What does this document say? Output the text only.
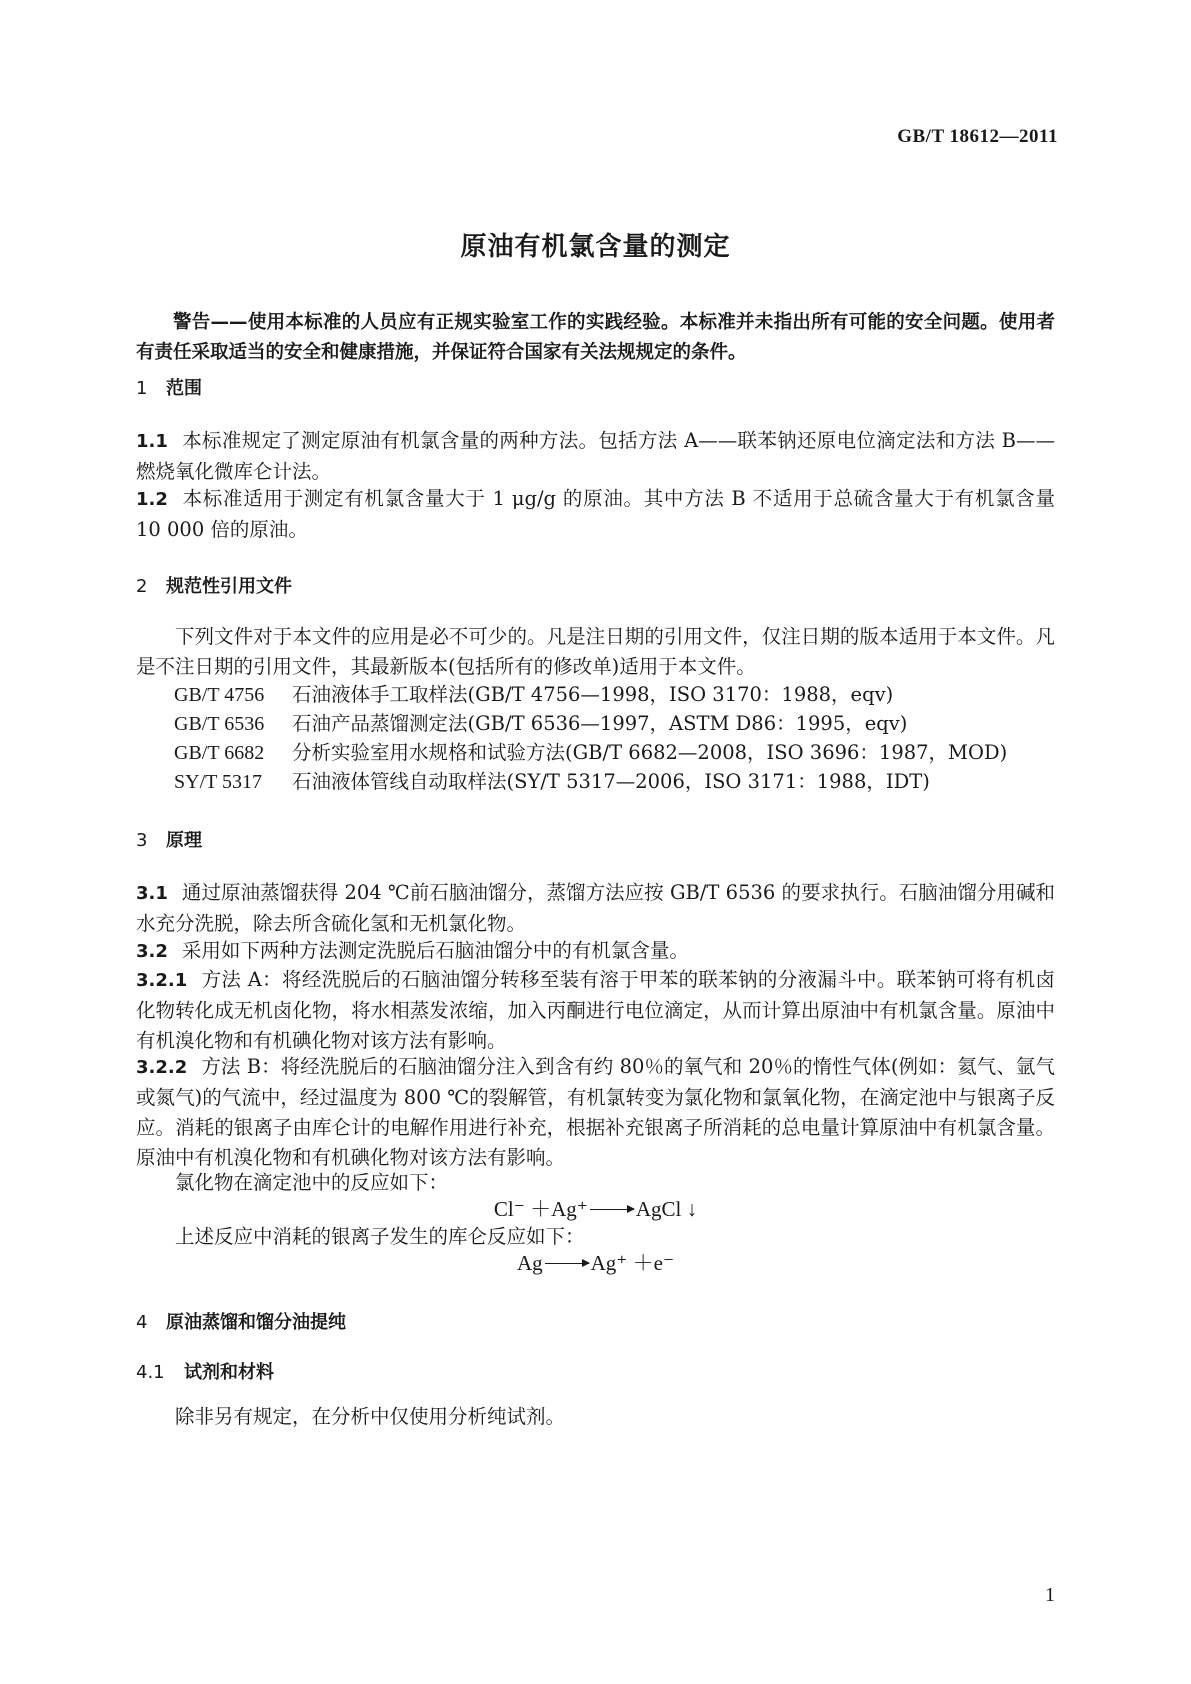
GB/T 18612—2011
原油有机氯含量的测定
警告——使用本标准的人员应有正规实验室工作的实践经验。本标准并未指出所有可能的安全问题。使用者有责任采取适当的安全和健康措施，并保证符合国家有关法规规定的条件。
1 范围
1.1 本标准规定了测定原油有机氯含量的两种方法。包括方法 A——联苯钠还原电位滴定法和方法 B——燃烧氧化微库仑计法。
1.2 本标准适用于测定有机氯含量大于 1 μg/g 的原油。其中方法 B 不适用于总硫含量大于有机氯含量 10 000 倍的原油。
2 规范性引用文件
下列文件对于本文件的应用是必不可少的。凡是注日期的引用文件，仅注日期的版本适用于本文件。凡是不注日期的引用文件，其最新版本(包括所有的修改单)适用于本文件。
GB/T 4756 石油液体手工取样法(GB/T 4756—1998，ISO 3170：1988，eqv)
GB/T 6536 石油产品蒸馏测定法(GB/T 6536—1997，ASTM D86：1995，eqv)
GB/T 6682 分析实验室用水规格和试验方法(GB/T 6682—2008，ISO 3696：1987，MOD)
SY/T 5317 石油液体管线自动取样法(SY/T 5317—2006，ISO 3171：1988，IDT)
3 原理
3.1 通过原油蒸馏获得 204 ℃前石脑油馏分，蒸馏方法应按 GB/T 6536 的要求执行。石脑油馏分用碱和水充分洗脱，除去所含硫化氢和无机氯化物。
3.2 采用如下两种方法测定洗脱后石脑油馏分中的有机氯含量。
3.2.1 方法 A：将经洗脱后的石脑油馏分转移至装有溶于甲苯的联苯钠的分液漏斗中。联苯钠可将有机卤化物转化成无机卤化物，将水相蒸发浓缩，加入丙酮进行电位滴定，从而计算出原油中有机氯含量。原油中有机溴化物和有机碘化物对该方法有影响。
3.2.2 方法 B：将经洗脱后的石脑油馏分注入到含有约 80％的氧气和 20％的惰性气体(例如：氦气、氩气或氮气)的气流中，经过温度为 800 ℃的裂解管，有机氯转变为氯化物和氯氧化物，在滴定池中与银离子反应。消耗的银离子由库仑计的电解作用进行补充，根据补充银离子所消耗的总电量计算原油中有机氯含量。原油中有机溴化物和有机碘化物对该方法有影响。
氯化物在滴定池中的反应如下：
Cl⁻ ＋Ag⁺ AgCl ↓
上述反应中消耗的银离子发生的库仑反应如下：
Ag Ag⁺ ＋e⁻
4 原油蒸馏和馏分油提纯
4.1 试剂和材料
除非另有规定，在分析中仅使用分析纯试剂。
1
